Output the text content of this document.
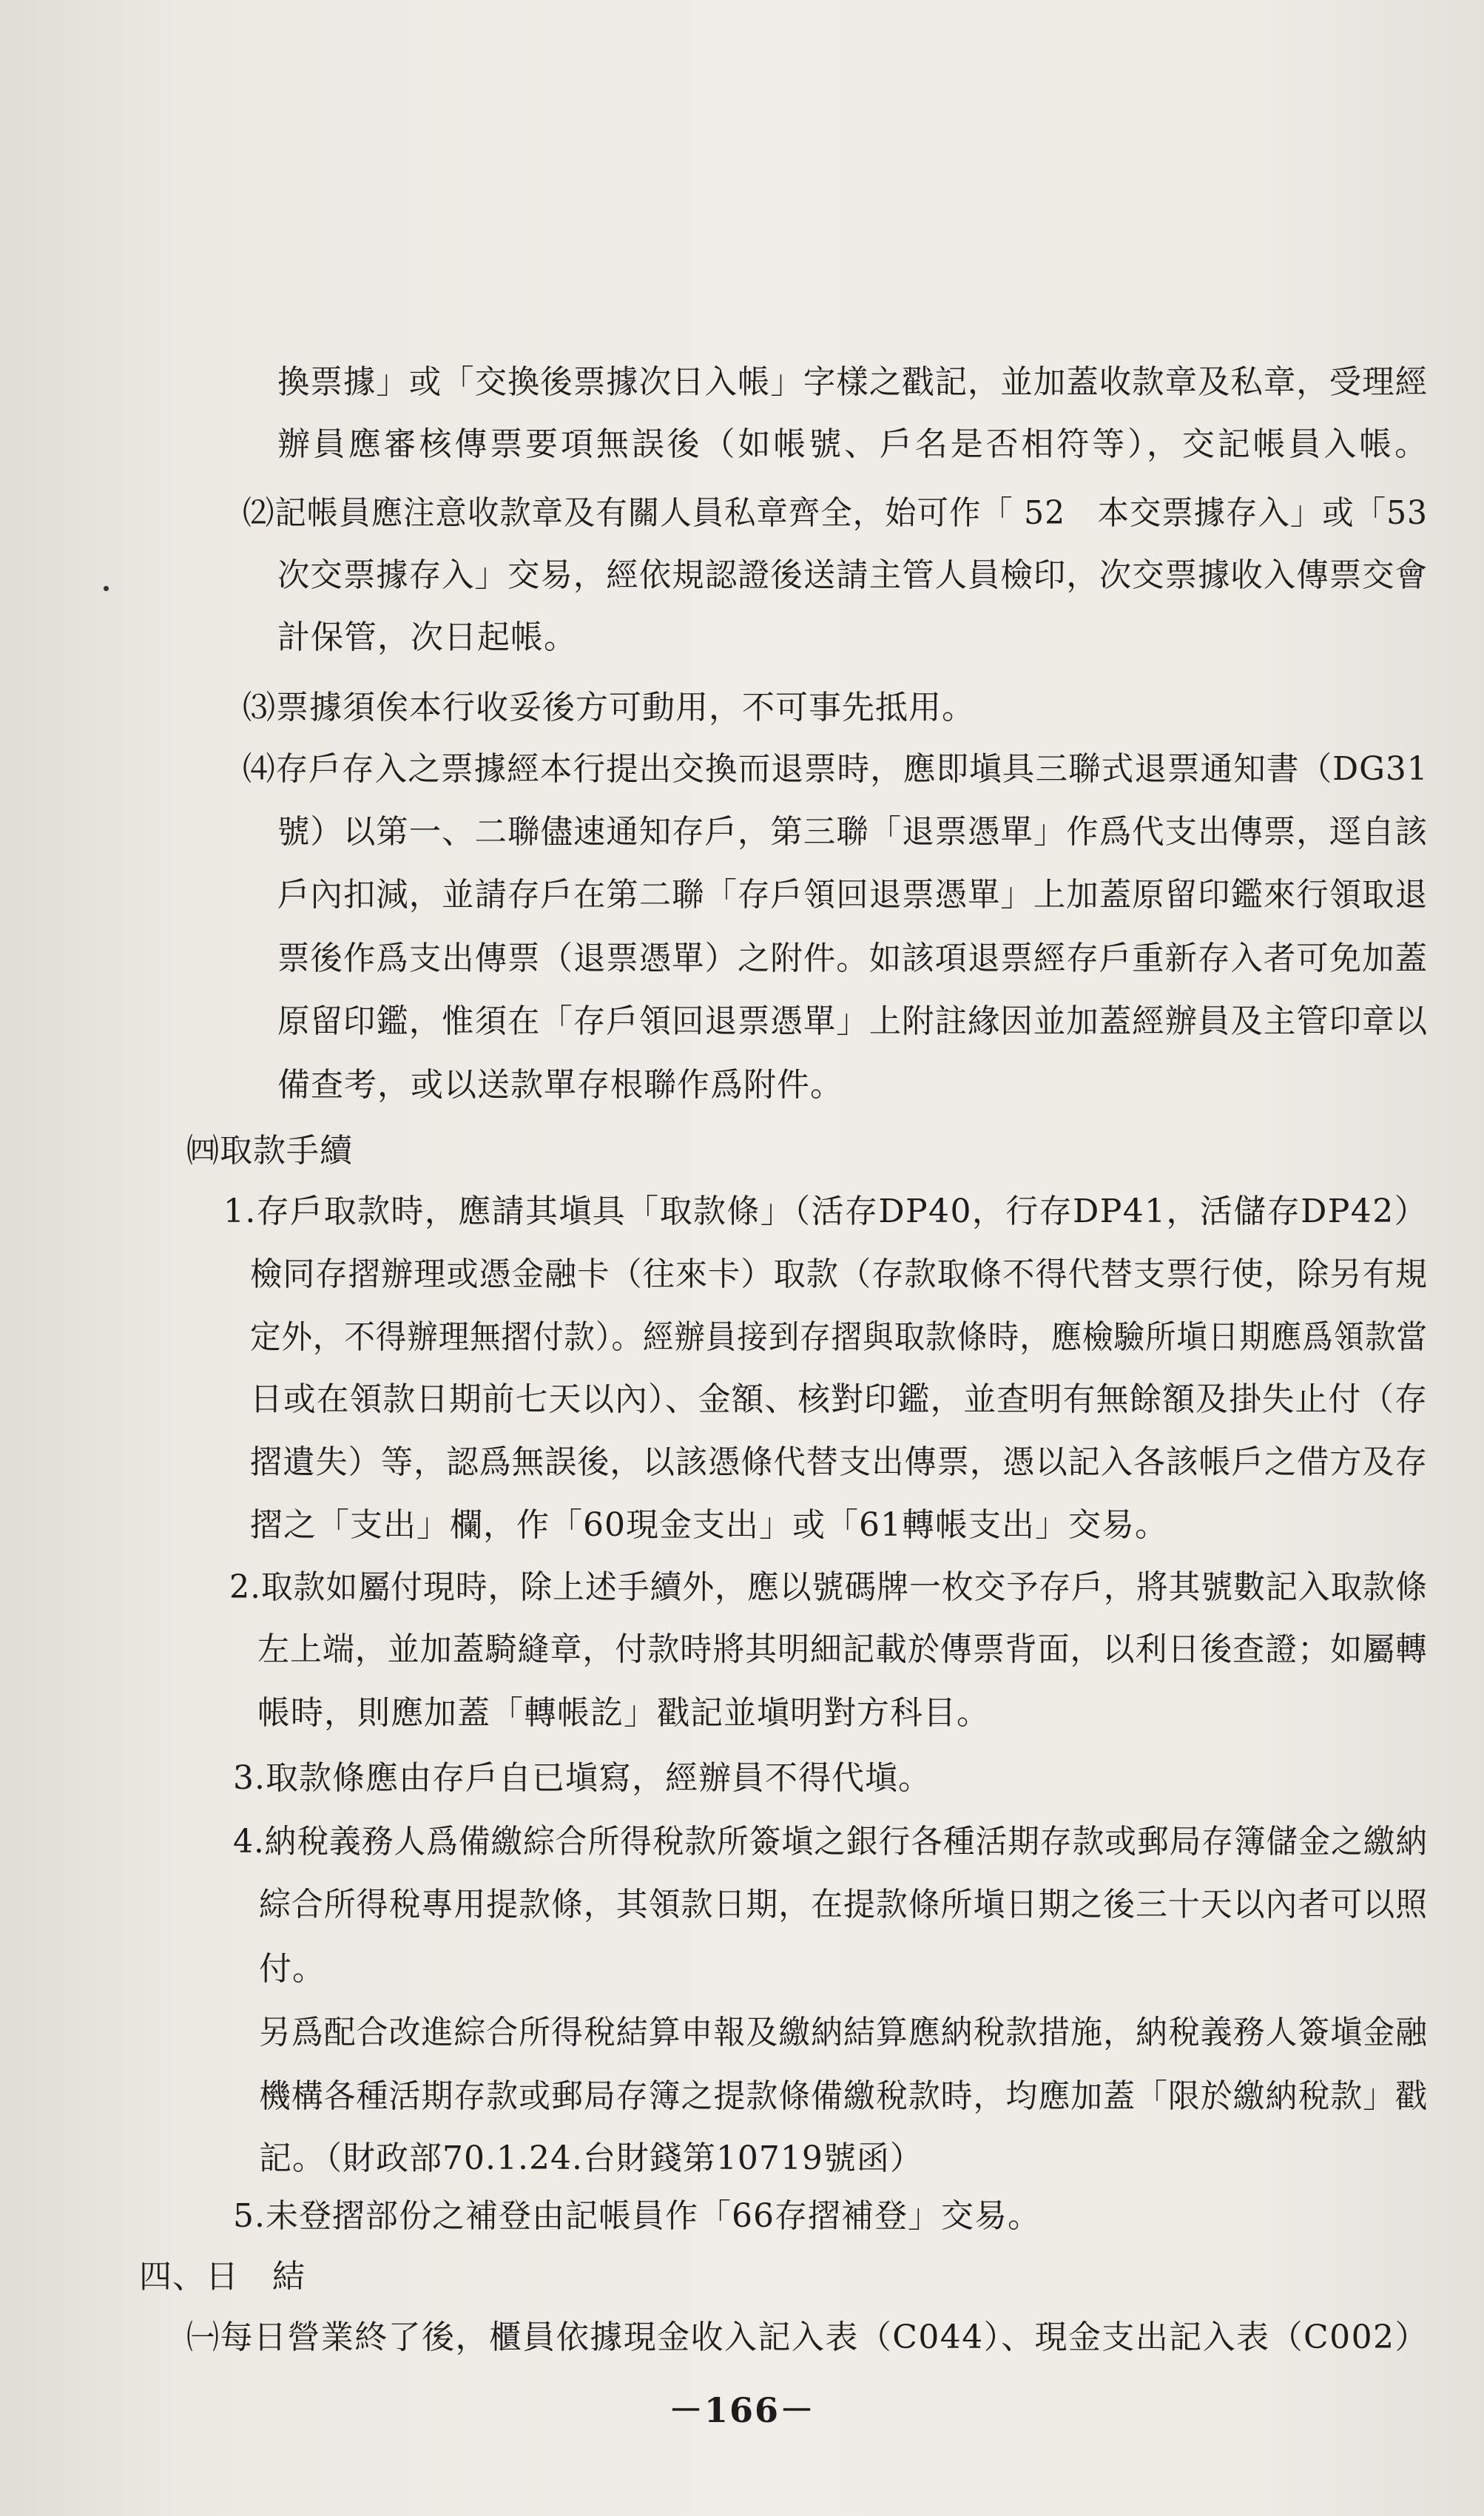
換票據」或「交換後票據次日入帳」字樣之戳記，並加蓋收款章及私章，受理經
辦員應審核傳票要項無誤後（如帳號、戶名是否相符等），交記帳員入帳。
⑵記帳員應注意收款章及有關人員私章齊全，始可作「 52　本交票據存入」或「53
次交票據存入」交易，經依規認證後送請主管人員檢印，次交票據收入傳票交會
計保管，次日起帳。
⑶票據須俟本行收妥後方可動用，不可事先抵用。
⑷存戶存入之票據經本行提出交換而退票時，應即塡具三聯式退票通知書（DG31
號）以第一、二聯儘速通知存戶，第三聯「退票憑單」作爲代支出傳票，逕自該
戶內扣減，並請存戶在第二聯「存戶領回退票憑單」上加蓋原留印鑑來行領取退
票後作爲支出傳票（退票憑單）之附件。如該項退票經存戶重新存入者可免加蓋
原留印鑑，惟須在「存戶領回退票憑單」上附註緣因並加蓋經辦員及主管印章以
備查考，或以送款單存根聯作爲附件。
㈣取款手續
1.存戶取款時，應請其塡具「取款條」（活存DP40，行存DP41，活儲存DP42）
檢同存摺辦理或憑金融卡（往來卡）取款（存款取條不得代替支票行使，除另有規
定外，不得辦理無摺付款）。經辦員接到存摺與取款條時，應檢驗所塡日期應爲領款當
日或在領款日期前七天以內）、金額、核對印鑑，並查明有無餘額及掛失止付（存
摺遺失）等，認爲無誤後，以該憑條代替支出傳票，憑以記入各該帳戶之借方及存
摺之「支出」欄，作「60現金支出」或「61轉帳支出」交易。
2.取款如屬付現時，除上述手續外，應以號碼牌一枚交予存戶，將其號數記入取款條
左上端，並加蓋騎縫章，付款時將其明細記載於傳票背面，以利日後查證；如屬轉
帳時，則應加蓋「轉帳訖」戳記並塡明對方科目。
3.取款條應由存戶自已塡寫，經辦員不得代塡。
4.納稅義務人爲備繳綜合所得稅款所簽塡之銀行各種活期存款或郵局存簿儲金之繳納
綜合所得稅專用提款條，其領款日期，在提款條所塡日期之後三十天以內者可以照
付。
另爲配合改進綜合所得稅結算申報及繳納結算應納稅款措施，納稅義務人簽塡金融
機構各種活期存款或郵局存簿之提款條備繳稅款時，均應加蓋「限於繳納稅款」戳
記。（財政部70.1.24.台財錢第10719號函）
5.未登摺部份之補登由記帳員作「66存摺補登」交易。
四、日　結
㈠每日營業終了後，櫃員依據現金收入記入表（C044）、現金支出記入表（C002）
－166－
